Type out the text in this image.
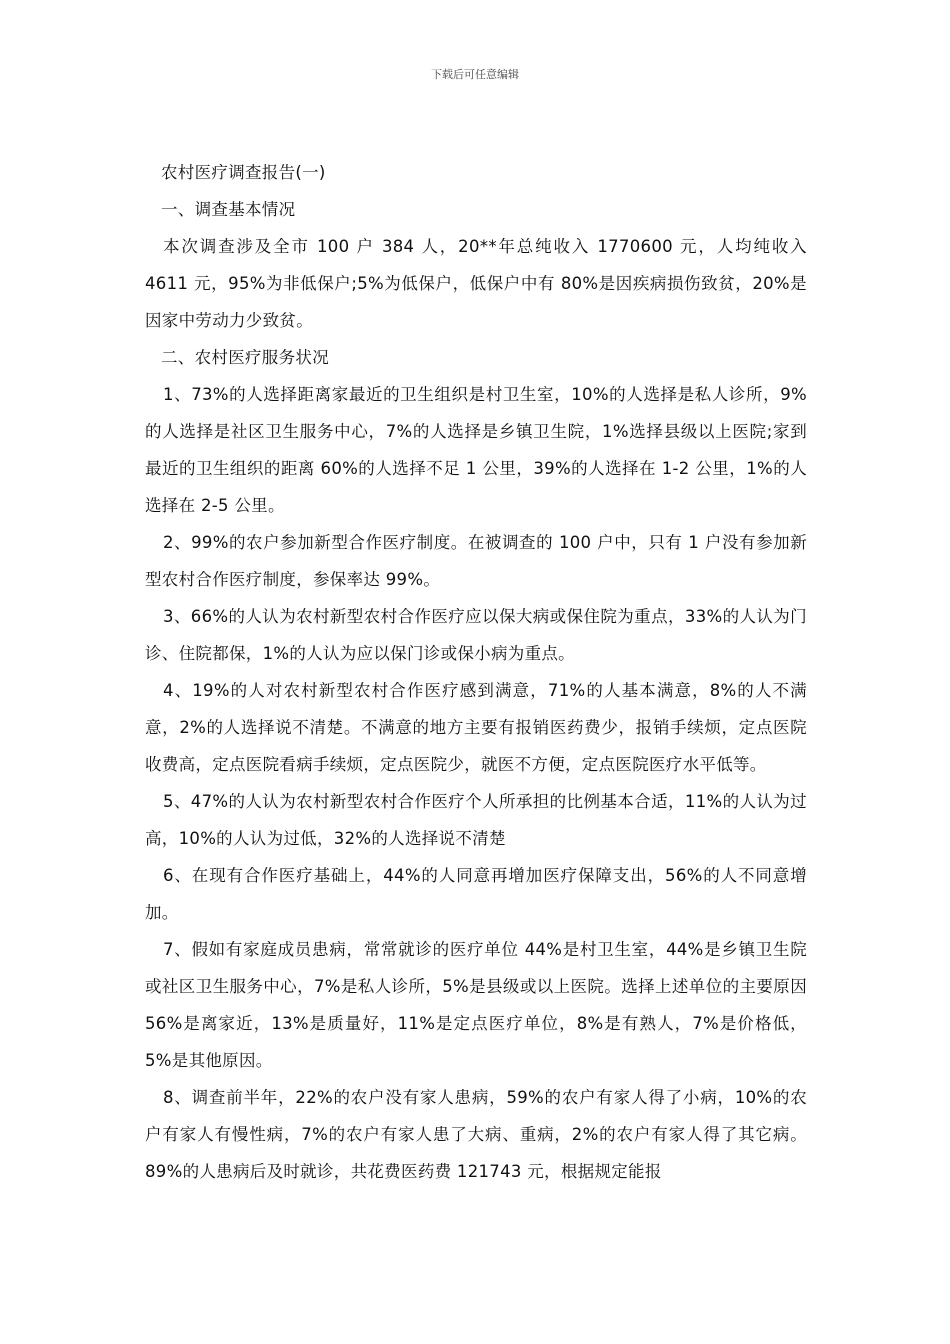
下载后可任意编辑

农村医疗调查报告(一)

一、调查基本情况

本次调查涉及全市 100 户 384 人，20**年总纯收入 1770600 元，人均纯收入 4611 元，95%为非低保户;5%为低保户，低保户中有 80%是因疾病损伤致贫，20%是因家中劳动力少致贫。

二、农村医疗服务状况

1、73%的人选择距离家最近的卫生组织是村卫生室，10%的人选择是私人诊所，9%的人选择是社区卫生服务中心，7%的人选择是乡镇卫生院，1%选择县级以上医院;家到最近的卫生组织的距离 60%的人选择不足 1 公里，39%的人选择在 1-2 公里，1%的人选择在 2-5 公里。

2、99%的农户参加新型合作医疗制度。在被调查的 100 户中，只有 1 户没有参加新型农村合作医疗制度，参保率达 99%。

3、66%的人认为农村新型农村合作医疗应以保大病或保住院为重点，33%的人认为门诊、住院都保，1%的人认为应以保门诊或保小病为重点。

4、19%的人对农村新型农村合作医疗感到满意，71%的人基本满意，8%的人不满意，2%的人选择说不清楚。不满意的地方主要有报销医药费少，报销手续烦，定点医院收费高，定点医院看病手续烦，定点医院少，就医不方便，定点医院医疗水平低等。

5、47%的人认为农村新型农村合作医疗个人所承担的比例基本合适，11%的人认为过高，10%的人认为过低，32%的人选择说不清楚

6、在现有合作医疗基础上，44%的人同意再增加医疗保障支出，56%的人不同意增加。

7、假如有家庭成员患病，常常就诊的医疗单位 44%是村卫生室，44%是乡镇卫生院或社区卫生服务中心，7%是私人诊所，5%是县级或以上医院。选择上述单位的主要原因 56%是离家近，13%是质量好，11%是定点医疗单位，8%是有熟人，7%是价格低，5%是其他原因。

8、调查前半年，22%的农户没有家人患病，59%的农户有家人得了小病，10%的农户有家人有慢性病，7%的农户有家人患了大病、重病，2%的农户有家人得了其它病。89%的人患病后及时就诊，共花费医药费 121743 元，根据规定能报
